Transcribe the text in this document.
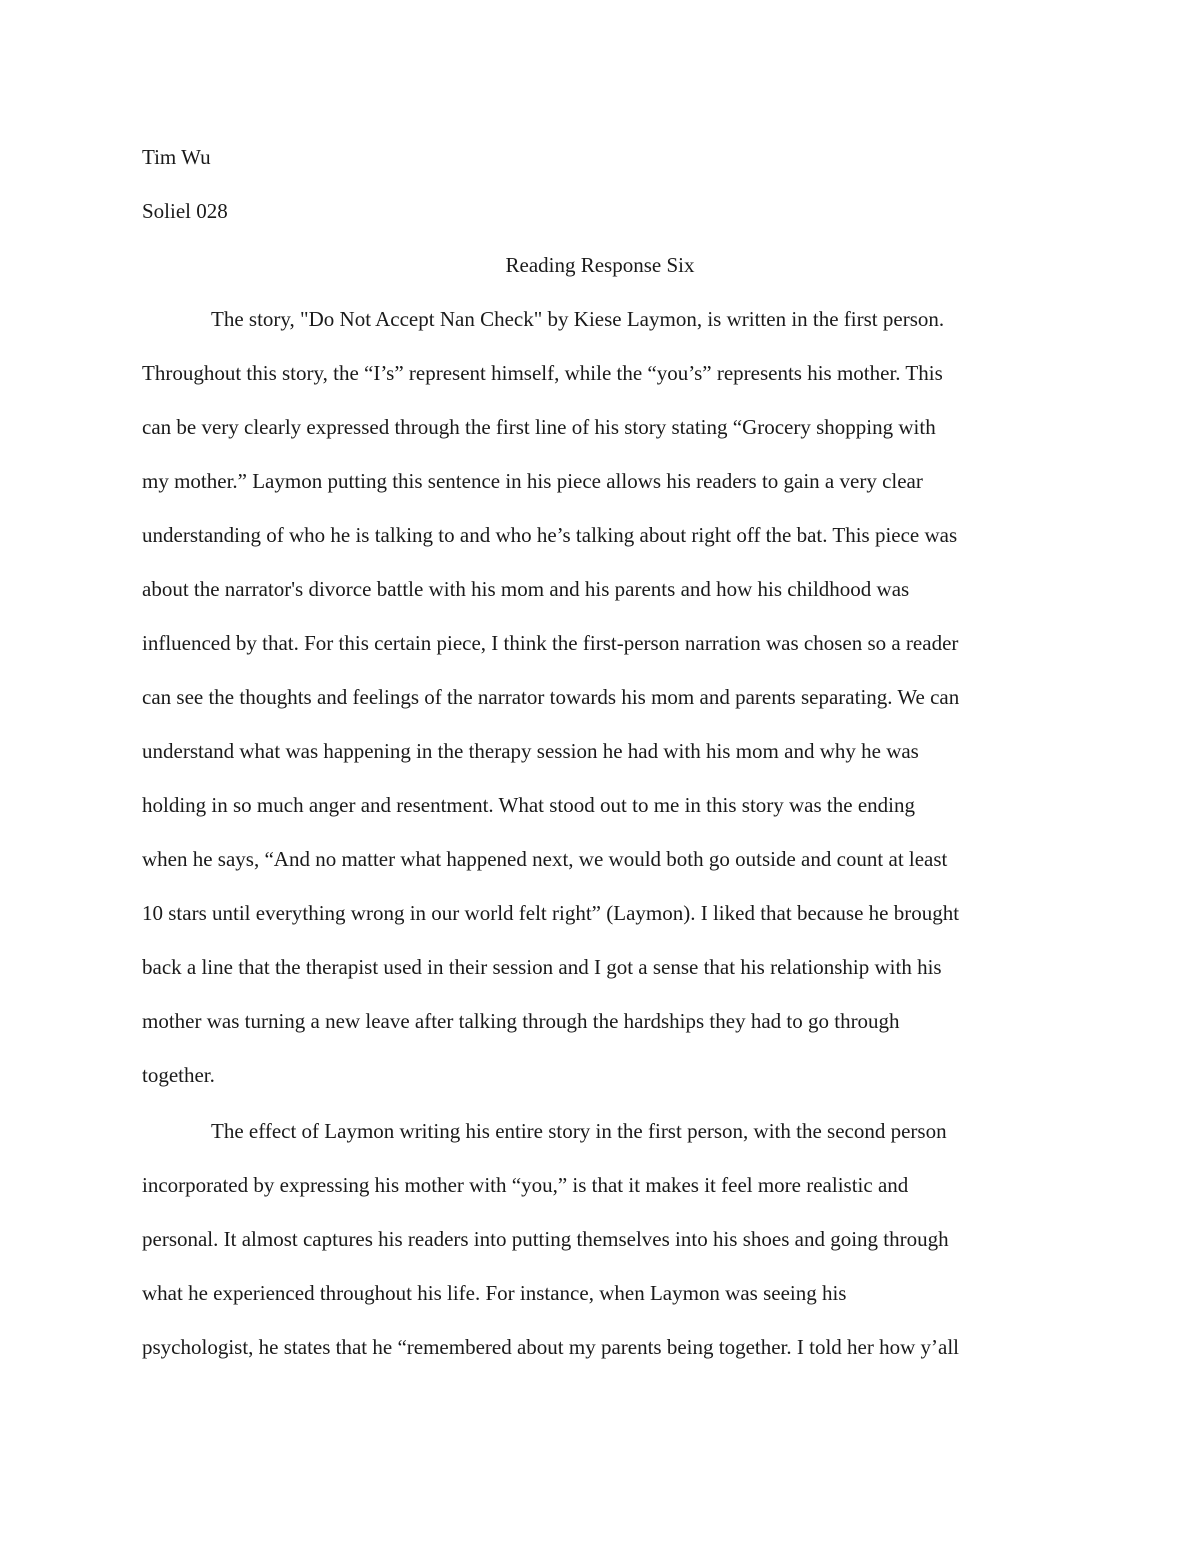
Tim Wu
Soliel 028
Reading Response Six
The story, "Do Not Accept Nan Check" by Kiese Laymon, is written in the first person.
Throughout this story, the “I’s” represent himself, while the “you’s” represents his mother. This
can be very clearly expressed through the first line of his story stating “Grocery shopping with
my mother.” Laymon putting this sentence in his piece allows his readers to gain a very clear
understanding of who he is talking to and who he’s talking about right off the bat. This piece was
about the narrator's divorce battle with his mom and his parents and how his childhood was
influenced by that. For this certain piece, I think the first-person narration was chosen so a reader
can see the thoughts and feelings of the narrator towards his mom and parents separating. We can
understand what was happening in the therapy session he had with his mom and why he was
holding in so much anger and resentment. What stood out to me in this story was the ending
when he says, “And no matter what happened next, we would both go outside and count at least
10 stars until everything wrong in our world felt right” (Laymon). I liked that because he brought
back a line that the therapist used in their session and I got a sense that his relationship with his
mother was turning a new leave after talking through the hardships they had to go through
together.
The effect of Laymon writing his entire story in the first person, with the second person
incorporated by expressing his mother with “you,” is that it makes it feel more realistic and
personal. It almost captures his readers into putting themselves into his shoes and going through
what he experienced throughout his life. For instance, when Laymon was seeing his
psychologist, he states that he “remembered about my parents being together. I told her how y’all
